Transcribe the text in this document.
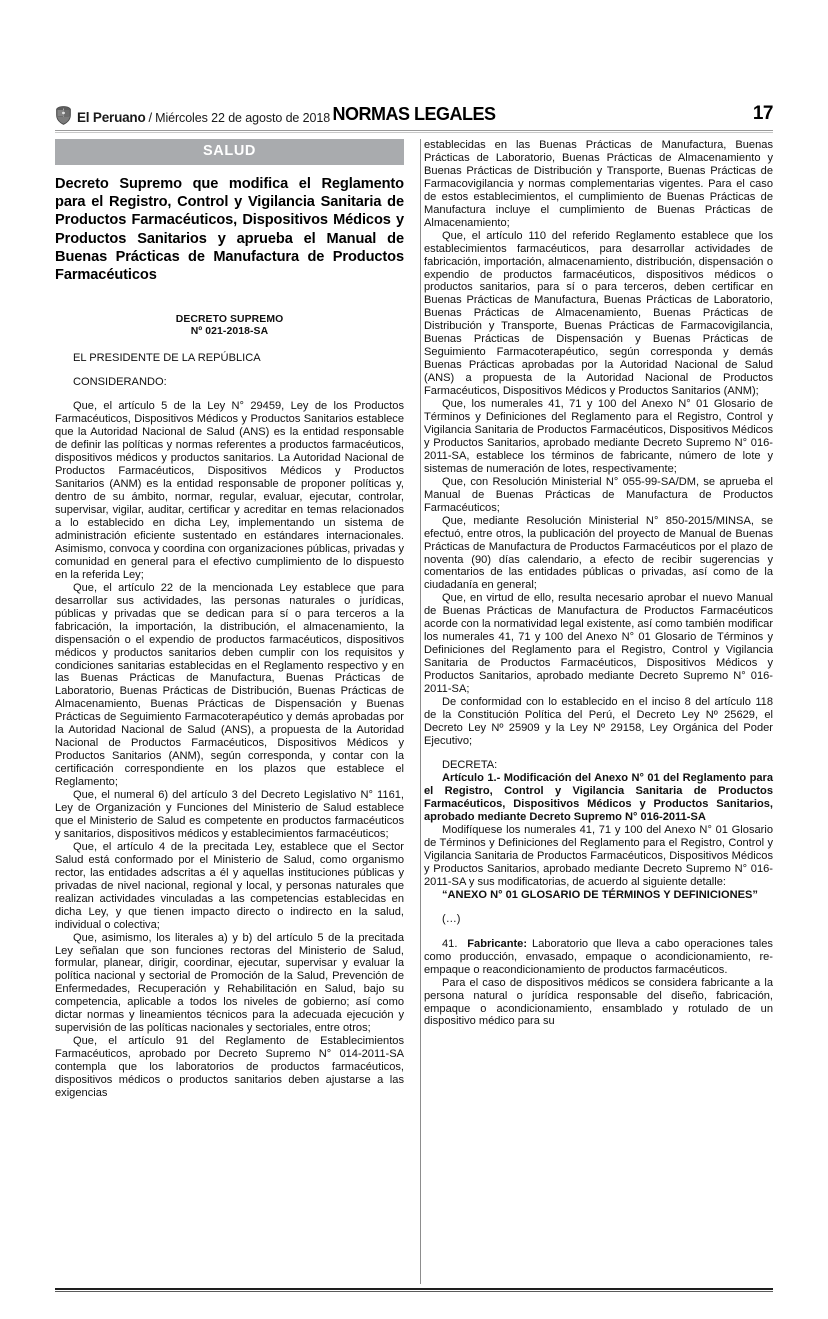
El Peruano / Miércoles 22 de agosto de 2018 NORMAS LEGALES	17
SALUD
Decreto Supremo que modifica el Reglamento para el Registro, Control y Vigilancia Sanitaria de Productos Farmacéuticos, Dispositivos Médicos y Productos Sanitarios y aprueba el Manual de Buenas Prácticas de Manufactura de Productos Farmacéuticos
DECRETO SUPREMO
Nº 021-2018-SA

EL PRESIDENTE DE LA REPÚBLICA

CONSIDERANDO:

Que, el artículo 5 de la Ley N° 29459, Ley de los Productos Farmacéuticos, Dispositivos Médicos y Productos Sanitarios establece que la Autoridad Nacional de Salud (ANS) es la entidad responsable de definir las políticas y normas referentes a productos farmacéuticos, dispositivos médicos y productos sanitarios. La Autoridad Nacional de Productos Farmacéuticos, Dispositivos Médicos y Productos Sanitarios (ANM) es la entidad responsable de proponer políticas y, dentro de su ámbito, normar, regular, evaluar, ejecutar, controlar, supervisar, vigilar, auditar, certificar y acreditar en temas relacionados a lo establecido en dicha Ley, implementando un sistema de administración eficiente sustentado en estándares internacionales. Asimismo, convoca y coordina con organizaciones públicas, privadas y comunidad en general para el efectivo cumplimiento de lo dispuesto en la referida Ley;

Que, el artículo 22 de la mencionada Ley establece que para desarrollar sus actividades, las personas naturales o jurídicas, públicas y privadas que se dedican para sí o para terceros a la fabricación, la importación, la distribución, el almacenamiento, la dispensación o el expendio de productos farmacéuticos, dispositivos médicos y productos sanitarios deben cumplir con los requisitos y condiciones sanitarias establecidas en el Reglamento respectivo y en las Buenas Prácticas de Manufactura, Buenas Prácticas de Laboratorio, Buenas Prácticas de Distribución, Buenas Prácticas de Almacenamiento, Buenas Prácticas de Dispensación y Buenas Prácticas de Seguimiento Farmacoterapéutico y demás aprobadas por la Autoridad Nacional de Salud (ANS), a propuesta de la Autoridad Nacional de Productos Farmacéuticos, Dispositivos Médicos y Productos Sanitarios (ANM), según corresponda, y contar con la certificación correspondiente en los plazos que establece el Reglamento;

Que, el numeral 6) del artículo 3 del Decreto Legislativo N° 1161, Ley de Organización y Funciones del Ministerio de Salud establece que el Ministerio de Salud es competente en productos farmacéuticos y sanitarios, dispositivos médicos y establecimientos farmacéuticos;

Que, el artículo 4 de la precitada Ley, establece que el Sector Salud está conformado por el Ministerio de Salud, como organismo rector, las entidades adscritas a él y aquellas instituciones públicas y privadas de nivel nacional, regional y local, y personas naturales que realizan actividades vinculadas a las competencias establecidas en dicha Ley, y que tienen impacto directo o indirecto en la salud, individual o colectiva;

Que, asimismo, los literales a) y b) del artículo 5 de la precitada Ley señalan que son funciones rectoras del Ministerio de Salud, formular, planear, dirigir, coordinar, ejecutar, supervisar y evaluar la política nacional y sectorial de Promoción de la Salud, Prevención de Enfermedades, Recuperación y Rehabilitación en Salud, bajo su competencia, aplicable a todos los niveles de gobierno; así como dictar normas y lineamientos técnicos para la adecuada ejecución y supervisión de las políticas nacionales y sectoriales, entre otros;

Que, el artículo 91 del Reglamento de Establecimientos Farmacéuticos, aprobado por Decreto Supremo N° 014-2011-SA contempla que los laboratorios de productos farmacéuticos, dispositivos médicos o productos sanitarios deben ajustarse a las exigencias

establecidas en las Buenas Prácticas de Manufactura, Buenas Prácticas de Laboratorio, Buenas Prácticas de Almacenamiento y Buenas Prácticas de Distribución y Transporte, Buenas Prácticas de Farmacovigilancia y normas complementarias vigentes. Para el caso de estos establecimientos, el cumplimiento de Buenas Prácticas de Manufactura incluye el cumplimiento de Buenas Prácticas de Almacenamiento;

Que, el artículo 110 del referido Reglamento establece que los establecimientos farmacéuticos, para desarrollar actividades de fabricación, importación, almacenamiento, distribución, dispensación o expendio de productos farmacéuticos, dispositivos médicos o productos sanitarios, para sí o para terceros, deben certificar en Buenas Prácticas de Manufactura, Buenas Prácticas de Laboratorio, Buenas Prácticas de Almacenamiento, Buenas Prácticas de Distribución y Transporte, Buenas Prácticas de Farmacovigilancia, Buenas Prácticas de Dispensación y Buenas Prácticas de Seguimiento Farmacoterapéutico, según corresponda y demás Buenas Prácticas aprobadas por la Autoridad Nacional de Salud (ANS) a propuesta de la Autoridad Nacional de Productos Farmacéuticos, Dispositivos Médicos y Productos Sanitarios (ANM);

Que, los numerales 41, 71 y 100 del Anexo N° 01 Glosario de Términos y Definiciones del Reglamento para el Registro, Control y Vigilancia Sanitaria de Productos Farmacéuticos, Dispositivos Médicos y Productos Sanitarios, aprobado mediante Decreto Supremo N° 016-2011-SA, establece los términos de fabricante, número de lote y sistemas de numeración de lotes, respectivamente;

Que, con Resolución Ministerial N° 055-99-SA/DM, se aprueba el Manual de Buenas Prácticas de Manufactura de Productos Farmacéuticos;

Que, mediante Resolución Ministerial N° 850-2015/MINSA, se efectuó, entre otros, la publicación del proyecto de Manual de Buenas Prácticas de Manufactura de Productos Farmacéuticos por el plazo de noventa (90) días calendario, a efecto de recibir sugerencias y comentarios de las entidades públicas o privadas, así como de la ciudadanía en general;

Que, en virtud de ello, resulta necesario aprobar el nuevo Manual de Buenas Prácticas de Manufactura de Productos Farmacéuticos acorde con la normatividad legal existente, así como también modificar los numerales 41, 71 y 100 del Anexo N° 01 Glosario de Términos y Definiciones del Reglamento para el Registro, Control y Vigilancia Sanitaria de Productos Farmacéuticos, Dispositivos Médicos y Productos Sanitarios, aprobado mediante Decreto Supremo N° 016-2011-SA;

De conformidad con lo establecido en el inciso 8 del artículo 118 de la Constitución Política del Perú, el Decreto Ley Nº 25629, el Decreto Ley Nº 25909 y la Ley Nº 29158, Ley Orgánica del Poder Ejecutivo;

DECRETA:

Artículo 1.- Modificación del Anexo N° 01 del Reglamento para el Registro, Control y Vigilancia Sanitaria de Productos Farmacéuticos, Dispositivos Médicos y Productos Sanitarios, aprobado mediante Decreto Supremo N° 016-2011-SA

Modifíquese los numerales 41, 71 y 100 del Anexo N° 01 Glosario de Términos y Definiciones del Reglamento para el Registro, Control y Vigilancia Sanitaria de Productos Farmacéuticos, Dispositivos Médicos y Productos Sanitarios, aprobado mediante Decreto Supremo N° 016-2011-SA y sus modificatorias, de acuerdo al siguiente detalle:

“ANEXO N° 01 GLOSARIO DE TÉRMINOS Y DEFINICIONES”

(…)

41. Fabricante: Laboratorio que lleva a cabo operaciones tales como producción, envasado, empaque o acondicionamiento, re-empaque o reacondicionamiento de productos farmacéuticos.

Para el caso de dispositivos médicos se considera fabricante a la persona natural o jurídica responsable del diseño, fabricación, empaque o acondicionamiento, ensamblado y rotulado de un dispositivo médico para su
